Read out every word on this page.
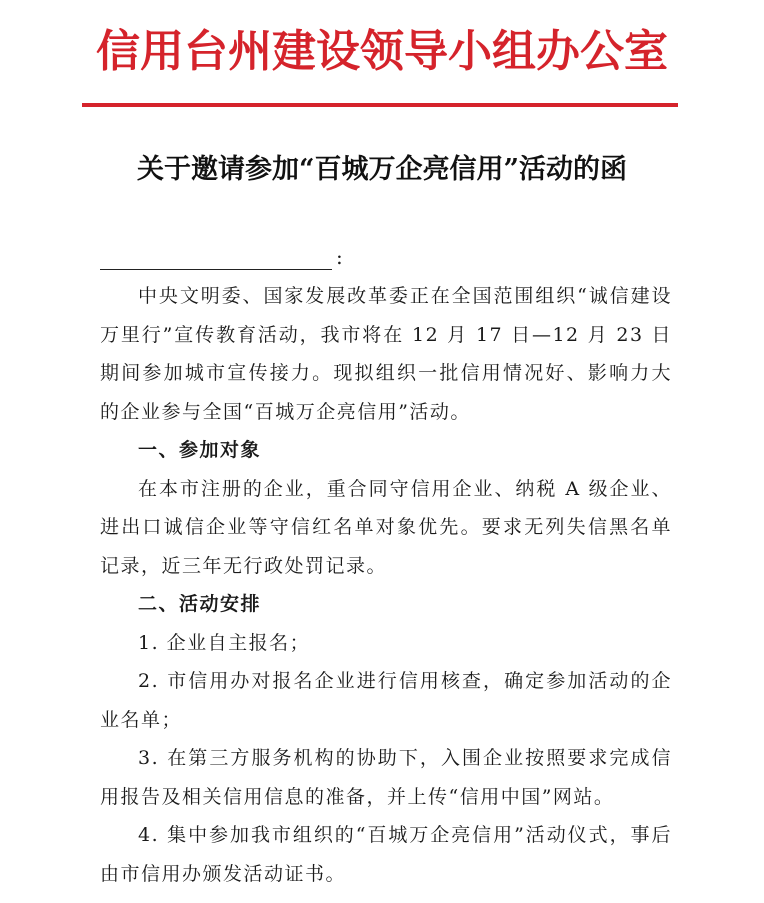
信用台州建设领导小组办公室
关于邀请参加“百城万企亮信用”活动的函
:

中央文明委、国家发展改革委正在全国范围组织“诚信建设万里行”宣传教育活动，我市将在 12 月 17 日—12 月 23 日期间参加城市宣传接力。现拟组织一批信用情况好、影响力大的企业参与全国“百城万企亮信用”活动。

一、参加对象

在本市注册的企业，重合同守信用企业、纳税 A 级企业、进出口诚信企业等守信红名单对象优先。要求无列失信黑名单记录，近三年无行政处罚记录。

二、活动安排

1. 企业自主报名；

2. 市信用办对报名企业进行信用核查，确定参加活动的企业名单；

3. 在第三方服务机构的协助下，入围企业按照要求完成信用报告及相关信用信息的准备，并上传“信用中国”网站。

4. 集中参加我市组织的“百城万企亮信用”活动仪式，事后由市信用办颁发活动证书。
